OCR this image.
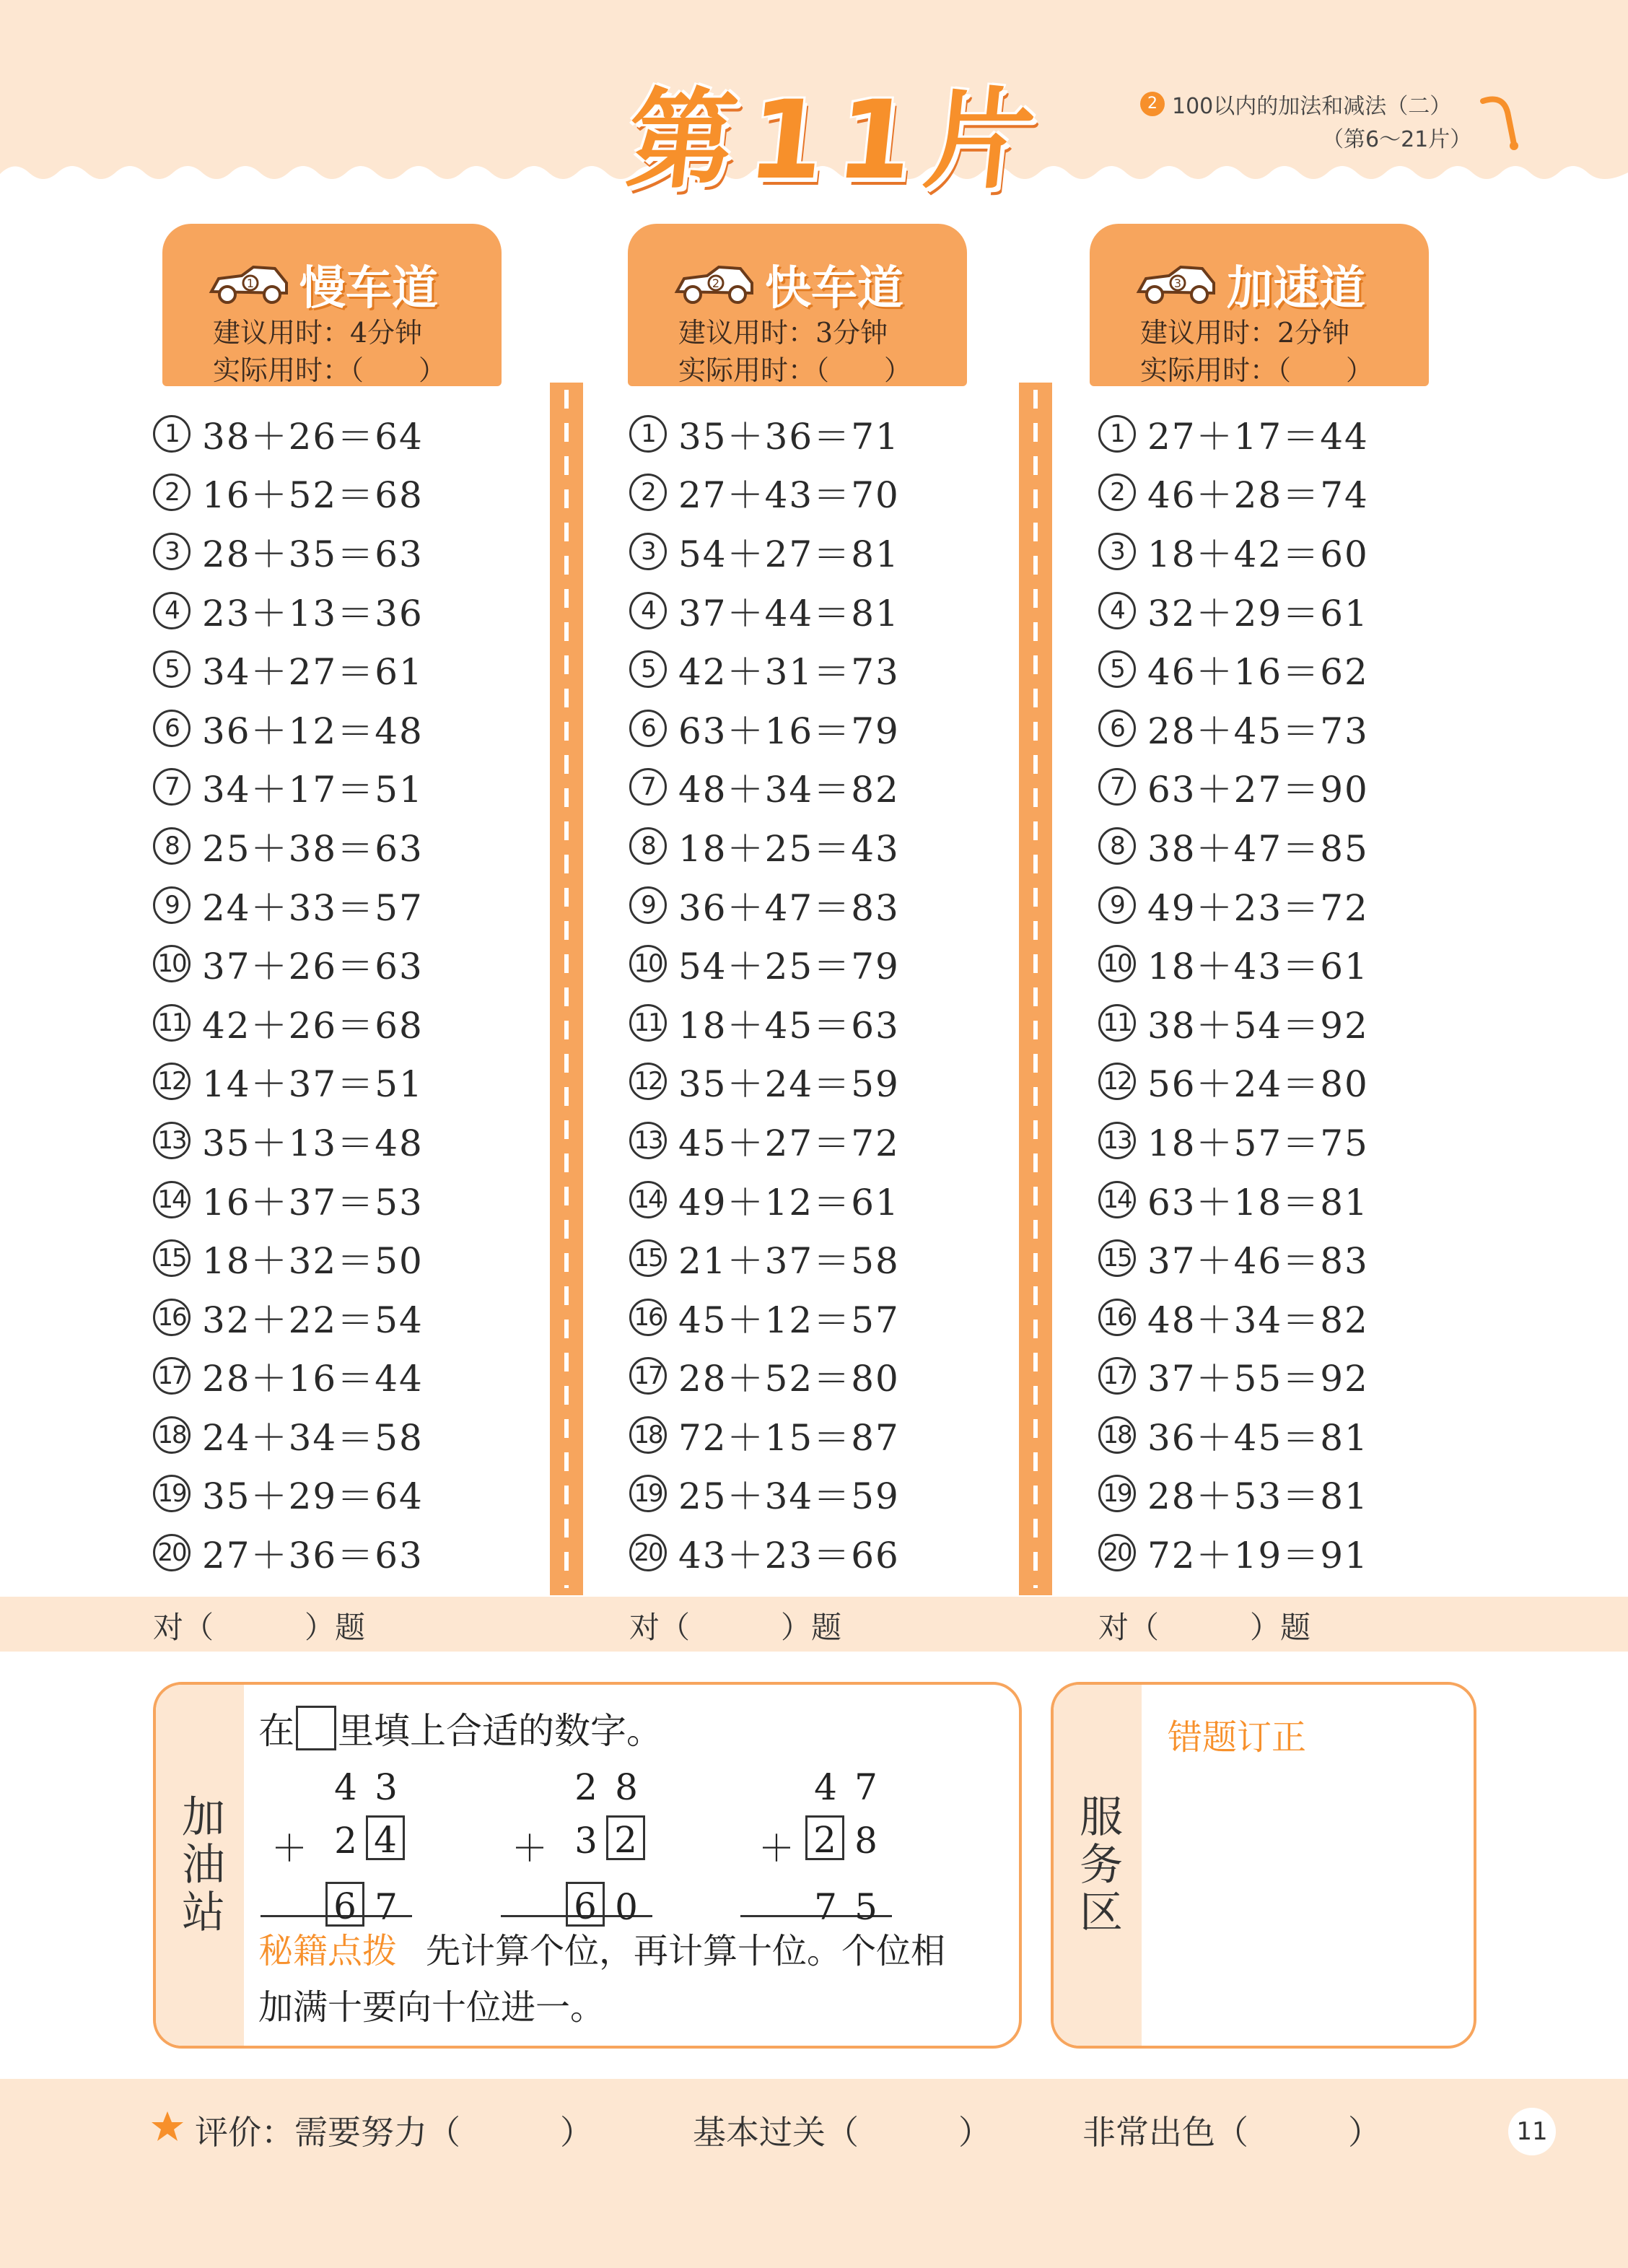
第11片	2 100以内的加法和减法（二）
（第6～21片）
1 慢车道
建议用时：4分钟
实际用时：（　　）
2 快车道
建议用时：3分钟
实际用时：（　　）
3 加速道
建议用时：2分钟
实际用时：（　　）
1 38＋26＝64
2 16＋52＝68
3 28＋35＝63
4 23＋13＝36
5 34＋27＝61
6 36＋12＝48
7 34＋17＝51
8 25＋38＝63
9 24＋33＝57
10 37＋26＝63
11 42＋26＝68
12 14＋37＝51
13 35＋13＝48
14 16＋37＝53
15 18＋32＝50
16 32＋22＝54
17 28＋16＝44
18 24＋34＝58
19 35＋29＝64
20 27＋36＝63
1 35＋36＝71
2 27＋43＝70
3 54＋27＝81
4 37＋44＝81
5 42＋31＝73
6 63＋16＝79
7 48＋34＝82
8 18＋25＝43
9 36＋47＝83
10 54＋25＝79
11 18＋45＝63
12 35＋24＝59
13 45＋27＝72
14 49＋12＝61
15 21＋37＝58
16 45＋12＝57
17 28＋52＝80
18 72＋15＝87
19 25＋34＝59
20 43＋23＝66
1 27＋17＝44
2 46＋28＝74
3 18＋42＝60
4 32＋29＝61
5 46＋16＝62
6 28＋45＝73
7 63＋27＝90
8 38＋47＝85
9 49＋23＝72
10 18＋43＝61
11 38＋54＝92
12 56＋24＝80
13 18＋57＝75
14 63＋18＝81
15 37＋46＝83
16 48＋34＝82
17 37＋55＝92
18 36＋45＝81
19 28＋53＝81
20 72＋19＝91
对（　　　）题	对（　　　）题	对（　　　）题
加油站
在 里填上合适的数字。
4 3
＋ 2 4
6 7
2 8
＋ 3 2
6 0
4 7
＋ 2 8
7 5
秘籍点拨 先计算个位，再计算十位。个位相加满十要向十位进一。
服务区
错题订正
评价：需要努力（　　　）	基本过关（　　　）	非常出色（　　　）	11
